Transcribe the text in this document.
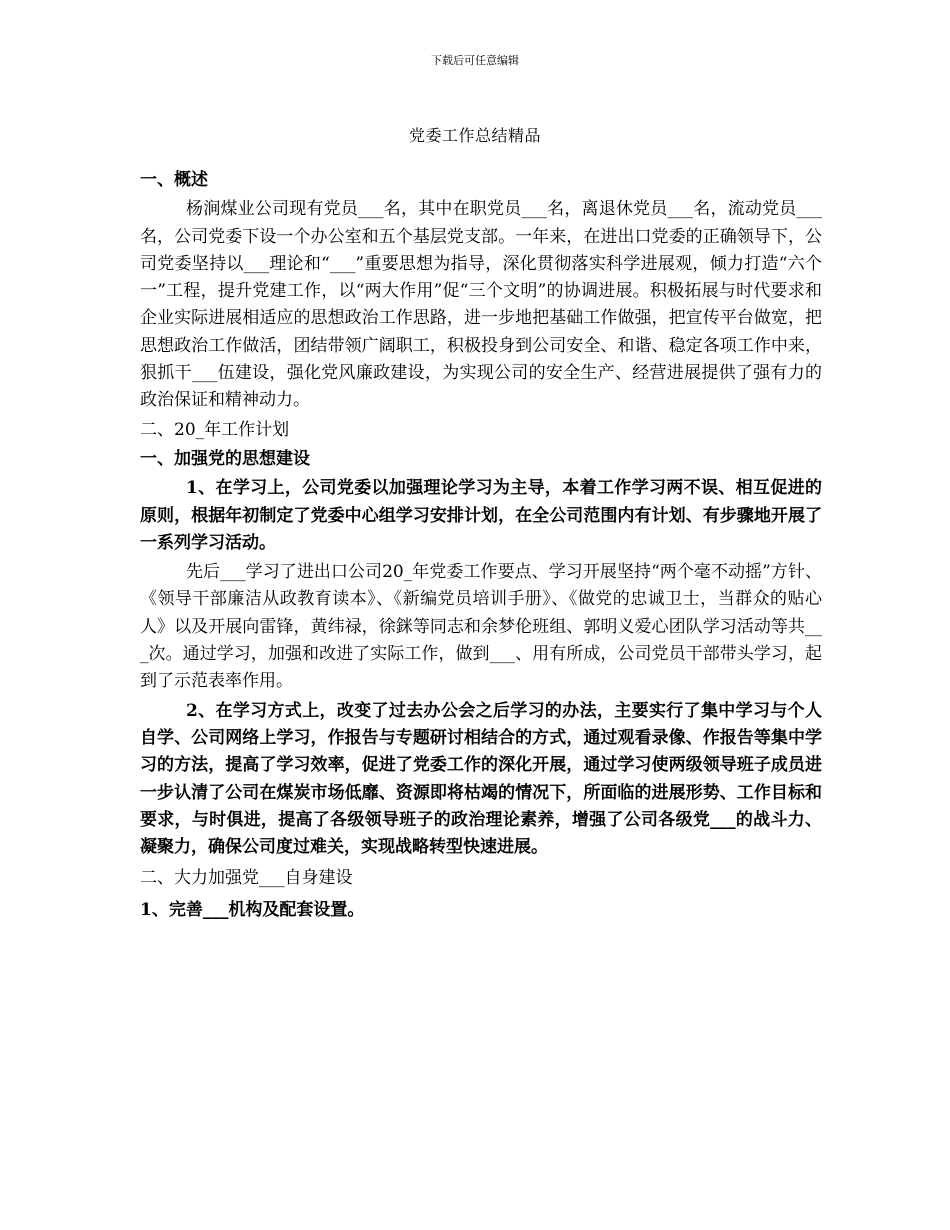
下载后可任意编辑
党委工作总结精品

一、概述

杨涧煤业公司现有党员___名，其中在职党员___名，离退休党员___名，流动党员___名，公司党委下设一个办公室和五个基层党支部。一年来，在进出口党委的正确领导下，公司党委坚持以___理论和“___”重要思想为指导，深化贯彻落实科学进展观，倾力打造“六个一”工程，提升党建工作，以“两大作用”促“三个文明”的协调进展。积极拓展与时代要求和企业实际进展相适应的思想政治工作思路，进一步地把基础工作做强，把宣传平台做宽，把思想政治工作做活，团结带领广阔职工，积极投身到公司安全、和谐、稳定各项工作中来，狠抓干___伍建设，强化党风廉政建设，为实现公司的安全生产、经营进展提供了强有力的政治保证和精神动力。

二、20_年工作计划

一、加强党的思想建设

1、在学习上，公司党委以加强理论学习为主导，本着工作学习两不误、相互促进的原则，根据年初制定了党委中心组学习安排计划，在全公司范围内有计划、有步骤地开展了一系列学习活动。

先后___学习了进出口公司20_年党委工作要点、学习开展坚持“两个毫不动摇”方针、《领导干部廉洁从政教育读本》、《新编党员培训手册》、《做党的忠诚卫士，当群众的贴心人》以及开展向雷锋，黄纬禄，徐銤等同志和余梦伦班组、郭明义爱心团队学习活动等共___次。通过学习，加强和改进了实际工作，做到___、用有所成，公司党员干部带头学习，起到了示范表率作用。

2、在学习方式上，改变了过去办公会之后学习的办法，主要实行了集中学习与个人自学、公司网络上学习，作报告与专题研讨相结合的方式，通过观看录像、作报告等集中学习的方法，提高了学习效率，促进了党委工作的深化开展，通过学习使两级领导班子成员进一步认清了公司在煤炭市场低靡、资源即将枯竭的情况下，所面临的进展形势、工作目标和要求，与时俱进，提高了各级领导班子的政治理论素养，增强了公司各级党___的战斗力、凝聚力，确保公司度过难关，实现战略转型快速进展。

二、大力加强党___自身建设

1、完善___机构及配套设置。
